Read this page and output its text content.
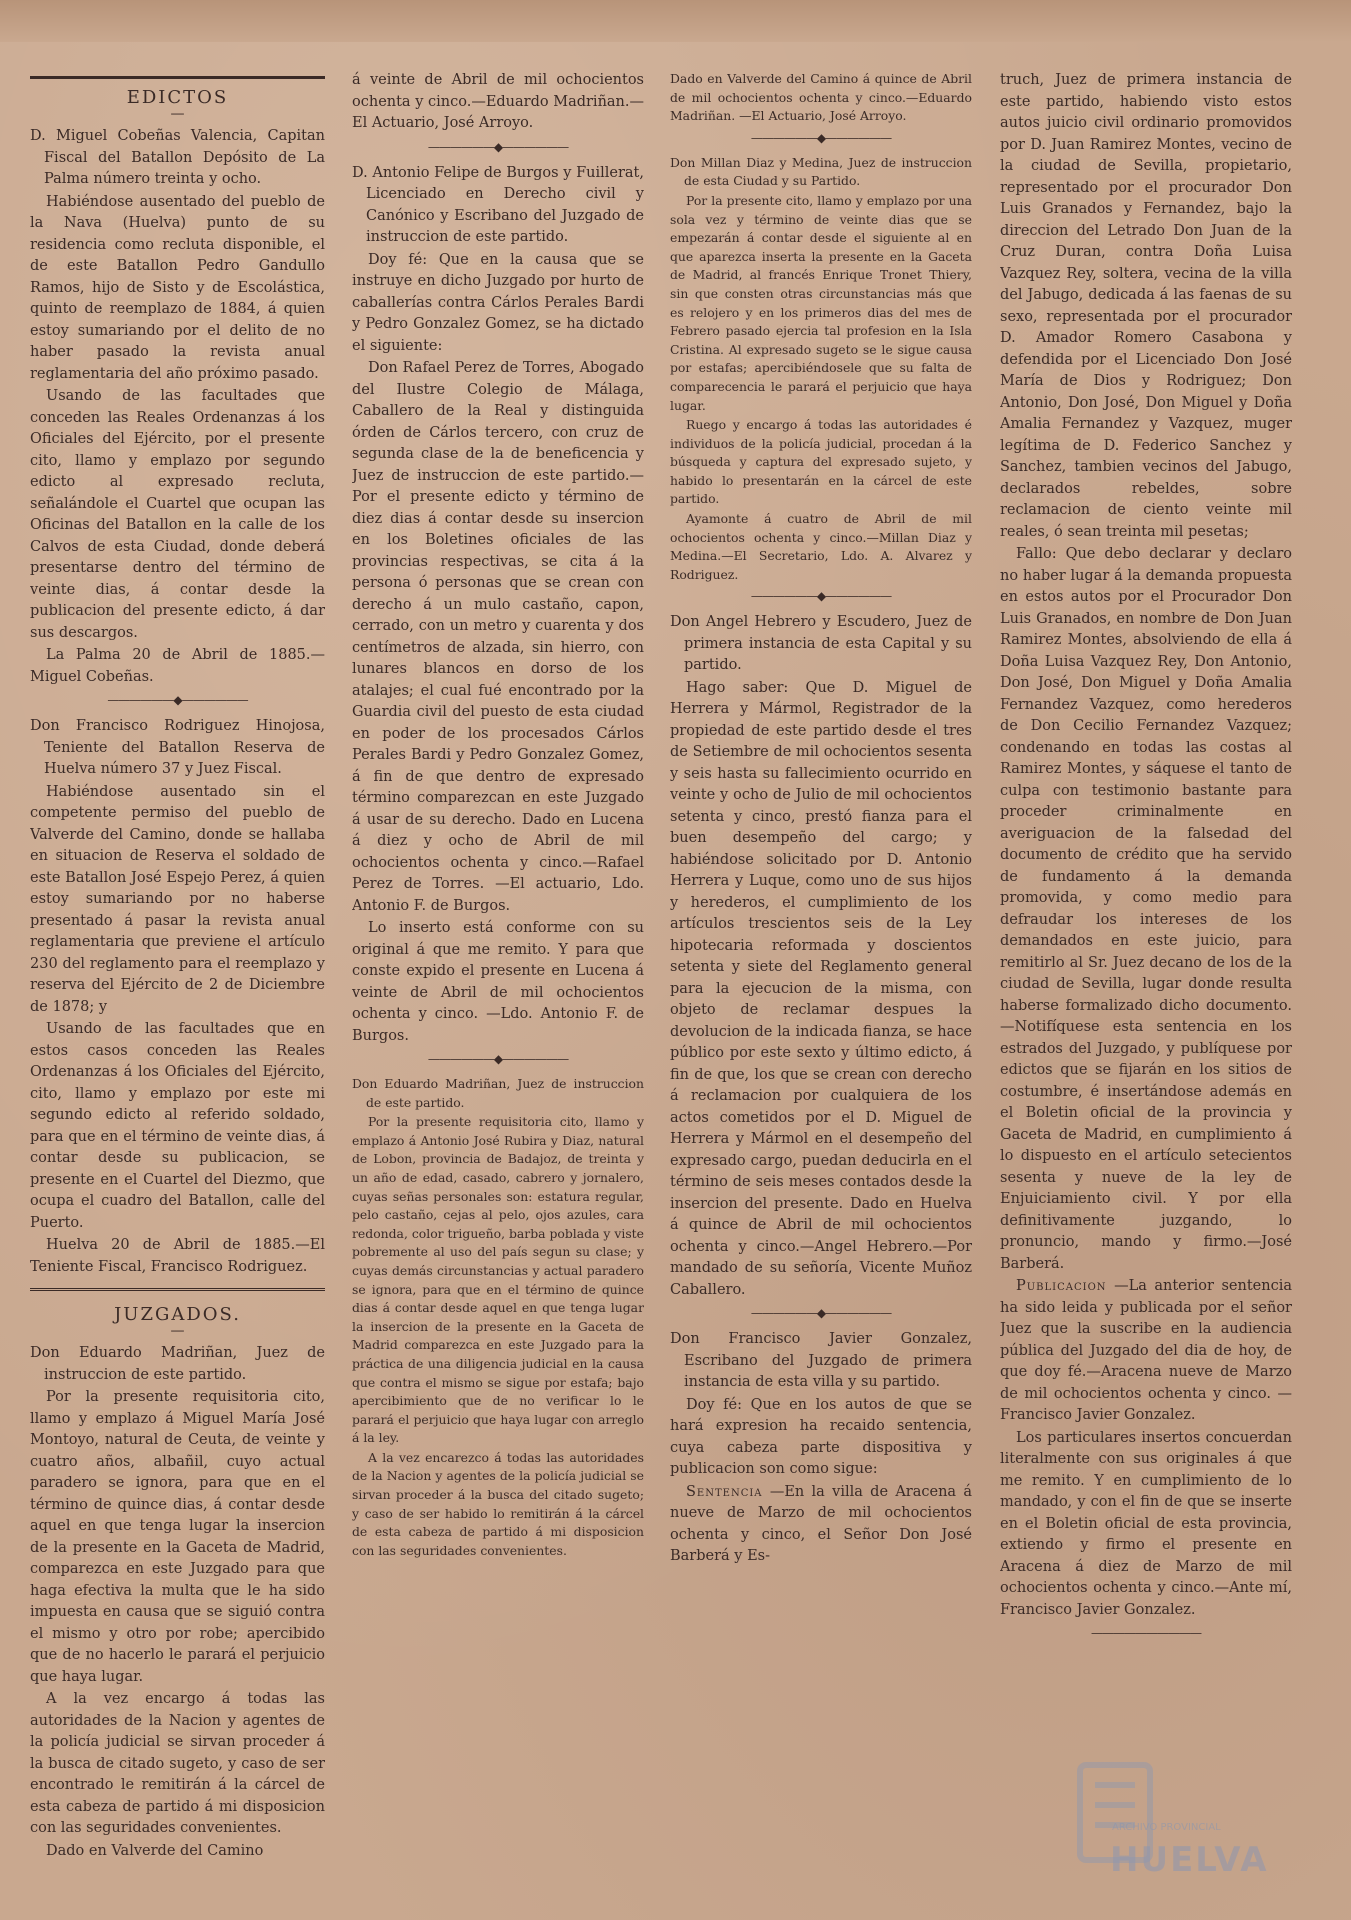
EDICTOS
—

D. Miguel Cobeñas Valencia, Capitan Fiscal del Batallon Depósito de La Palma número treinta y ocho.

Habiéndose ausentado del pueblo de la Nava (Huelva) punto de su residencia como recluta disponible, el de este Batallon Pedro Gandullo Ramos, hijo de Sisto y de Escolástica, quinto de reemplazo de 1884, á quien estoy sumariando por el delito de no haber pasado la revista anual reglamentaria del año próximo pasado.

Usando de las facultades que conceden las Reales Ordenanzas á los Oficiales del Ejército, por el presente cito, llamo y emplazo por segundo edicto al expresado recluta, señalándole el Cuartel que ocupan las Oficinas del Batallon en la calle de los Calvos de esta Ciudad, donde deberá presentarse dentro del término de veinte dias, á contar desde la publicacion del presente edicto, á dar sus descargos.

La Palma 20 de Abril de 1885.— Miguel Cobeñas.

——————◆——————

Don Francisco Rodriguez Hinojosa, Teniente del Batallon Reserva de Huelva número 37 y Juez Fiscal.

Habiéndose ausentado sin el competente permiso del pueblo de Valverde del Camino, donde se hallaba en situacion de Reserva el soldado de este Batallon José Espejo Perez, á quien estoy sumariando por no haberse presentado á pasar la revista anual reglamentaria que previene el artículo 230 del reglamento para el reemplazo y reserva del Ejército de 2 de Diciembre de 1878; y

Usando de las facultades que en estos casos conceden las Reales Ordenanzas á los Oficiales del Ejército, cito, llamo y emplazo por este mi segundo edicto al referido soldado, para que en el término de veinte dias, á contar desde su publicacion, se presente en el Cuartel del Diezmo, que ocupa el cuadro del Batallon, calle del Puerto.

Huelva 20 de Abril de 1885.—El Teniente Fiscal, Francisco Rodriguez.

JUZGADOS.
—

Don Eduardo Madriñan, Juez de instruccion de este partido.

Por la presente requisitoria cito, llamo y emplazo á Miguel María José Montoyo, natural de Ceuta, de veinte y cuatro años, albañil, cuyo actual paradero se ignora, para que en el término de quince dias, á contar desde aquel en que tenga lugar la insercion de la presente en la Gaceta de Madrid, comparezca en este Juzgado para que haga efectiva la multa que le ha sido impuesta en causa que se siguió contra el mismo y otro por robe; apercibido que de no hacerlo le parará el perjuicio que haya lugar.

A la vez encargo á todas las autoridades de la Nacion y agentes de la policía judicial se sirvan proceder á la busca de citado sugeto, y caso de ser encontrado le remitirán á la cárcel de esta cabeza de partido á mi disposicion con las seguridades convenientes.

Dado en Valverde del Camino

á veinte de Abril de mil ochocientos ochenta y cinco.—Eduardo Madriñan.—El Actuario, José Arroyo.

——————◆——————

D. Antonio Felipe de Burgos y Fuillerat, Licenciado en Derecho civil y Canónico y Escribano del Juzgado de instruccion de este partido.

Doy fé: Que en la causa que se instruye en dicho Juzgado por hurto de caballerías contra Cárlos Perales Bardi y Pedro Gonzalez Gomez, se ha dictado el siguiente:

Don Rafael Perez de Torres, Abogado del Ilustre Colegio de Málaga, Caballero de la Real y distinguida órden de Cárlos tercero, con cruz de segunda clase de la de beneficencia y Juez de instruccion de este partido.—Por el presente edicto y término de diez dias á contar desde su insercion en los Boletines oficiales de las provincias respectivas, se cita á la persona ó personas que se crean con derecho á un mulo castaño, capon, cerrado, con un metro y cuarenta y dos centímetros de alzada, sin hierro, con lunares blancos en dorso de los atalajes; el cual fué encontrado por la Guardia civil del puesto de esta ciudad en poder de los procesados Cárlos Perales Bardi y Pedro Gonzalez Gomez, á fin de que dentro de expresado término comparezcan en este Juzgado á usar de su derecho. Dado en Lucena á diez y ocho de Abril de mil ochocientos ochenta y cinco.—Rafael Perez de Torres. —El actuario, Ldo. Antonio F. de Burgos.

Lo inserto está conforme con su original á que me remito. Y para que conste expido el presente en Lucena á veinte de Abril de mil ochocientos ochenta y cinco. —Ldo. Antonio F. de Burgos.

——————◆——————

Don Eduardo Madriñan, Juez de instruccion de este partido.

Por la presente requisitoria cito, llamo y emplazo á Antonio José Rubira y Diaz, natural de Lobon, provincia de Badajoz, de treinta y un año de edad, casado, cabrero y jornalero, cuyas señas personales son: estatura regular, pelo castaño, cejas al pelo, ojos azules, cara redonda, color trigueño, barba poblada y viste pobremente al uso del país segun su clase; y cuyas demás circunstancias y actual paradero se ignora, para que en el término de quince dias á contar desde aquel en que tenga lugar la insercion de la presente en la Gaceta de Madrid comparezca en este Juzgado para la práctica de una diligencia judicial en la causa que contra el mismo se sigue por estafa; bajo apercibimiento que de no verificar lo le parará el perjuicio que haya lugar con arreglo á la ley.

A la vez encarezco á todas las autoridades de la Nacion y agentes de la policía judicial se sirvan proceder á la busca del citado sugeto; y caso de ser habido lo remitirán á la cárcel de esta cabeza de partido á mi disposicion con las seguridades convenientes.

Dado en Valverde del Camino á quince de Abril de mil ochocientos ochenta y cinco.—Eduardo Madriñan. —El Actuario, José Arroyo.

——————◆——————

Don Millan Diaz y Medina, Juez de instruccion de esta Ciudad y su Partido.

Por la presente cito, llamo y emplazo por una sola vez y término de veinte dias que se empezarán á contar desde el siguiente al en que aparezca inserta la presente en la Gaceta de Madrid, al francés Enrique Tronet Thiery, sin que consten otras circunstancias más que es relojero y en los primeros dias del mes de Febrero pasado ejercia tal profesion en la Isla Cristina. Al expresado sugeto se le sigue causa por estafas; apercibiéndosele que su falta de comparecencia le parará el perjuicio que haya lugar.

Ruego y encargo á todas las autoridades é individuos de la policía judicial, procedan á la búsqueda y captura del expresado sujeto, y habido lo presentarán en la cárcel de este partido.

Ayamonte á cuatro de Abril de mil ochocientos ochenta y cinco.—Millan Diaz y Medina.—El Secretario, Ldo. A. Alvarez y Rodriguez.

——————◆——————

Don Angel Hebrero y Escudero, Juez de primera instancia de esta Capital y su partido.

Hago saber: Que D. Miguel de Herrera y Mármol, Registrador de la propiedad de este partido desde el tres de Setiembre de mil ochocientos sesenta y seis hasta su fallecimiento ocurrido en veinte y ocho de Julio de mil ochocientos setenta y cinco, prestó fianza para el buen desempeño del cargo; y habiéndose solicitado por D. Antonio Herrera y Luque, como uno de sus hijos y herederos, el cumplimiento de los artículos trescientos seis de la Ley hipotecaria reformada y doscientos setenta y siete del Reglamento general para la ejecucion de la misma, con objeto de reclamar despues la devolucion de la indicada fianza, se hace público por este sexto y último edicto, á fin de que, los que se crean con derecho á reclamacion por cualquiera de los actos cometidos por el D. Miguel de Herrera y Mármol en el desempeño del expresado cargo, puedan deducirla en el término de seis meses contados desde la insercion del presente. Dado en Huelva á quince de Abril de mil ochocientos ochenta y cinco.—Angel Hebrero.—Por mandado de su señoría, Vicente Muñoz Caballero.

——————◆——————

Don Francisco Javier Gonzalez, Escribano del Juzgado de primera instancia de esta villa y su partido.

Doy fé: Que en los autos de que se hará expresion ha recaido sentencia, cuya cabeza parte dispositiva y publicacion son como sigue:

Sentencia —En la villa de Aracena á nueve de Marzo de mil ochocientos ochenta y cinco, el Señor Don José Barberá y Es-

truch, Juez de primera instancia de este partido, habiendo visto estos autos juicio civil ordinario promovidos por D. Juan Ramirez Montes, vecino de la ciudad de Sevilla, propietario, representado por el procurador Don Luis Granados y Fernandez, bajo la direccion del Letrado Don Juan de la Cruz Duran, contra Doña Luisa Vazquez Rey, soltera, vecina de la villa del Jabugo, dedicada á las faenas de su sexo, representada por el procurador D. Amador Romero Casabona y defendida por el Licenciado Don José María de Dios y Rodriguez; Don Antonio, Don José, Don Miguel y Doña Amalia Fernandez y Vazquez, muger legítima de D. Federico Sanchez y Sanchez, tambien vecinos del Jabugo, declarados rebeldes, sobre reclamacion de ciento veinte mil reales, ó sean treinta mil pesetas;

Fallo: Que debo declarar y declaro no haber lugar á la demanda propuesta en estos autos por el Procurador Don Luis Granados, en nombre de Don Juan Ramirez Montes, absolviendo de ella á Doña Luisa Vazquez Rey, Don Antonio, Don José, Don Miguel y Doña Amalia Fernandez Vazquez, como herederos de Don Cecilio Fernandez Vazquez; condenando en todas las costas al Ramirez Montes, y sáquese el tanto de culpa con testimonio bastante para proceder criminalmente en averiguacion de la falsedad del documento de crédito que ha servido de fundamento á la demanda promovida, y como medio para defraudar los intereses de los demandados en este juicio, para remitirlo al Sr. Juez decano de los de la ciudad de Sevilla, lugar donde resulta haberse formalizado dicho documento.—Notifíquese esta sentencia en los estrados del Juzgado, y publíquese por edictos que se fijarán en los sitios de costumbre, é insertándose además en el Boletin oficial de la provincia y Gaceta de Madrid, en cumplimiento á lo dispuesto en el artículo setecientos sesenta y nueve de la ley de Enjuiciamiento civil. Y por ella definitivamente juzgando, lo pronuncio, mando y firmo.—José Barberá.

Publicacion —La anterior sentencia ha sido leida y publicada por el señor Juez que la suscribe en la audiencia pública del Juzgado del dia de hoy, de que doy fé.—Aracena nueve de Marzo de mil ochocientos ochenta y cinco. —Francisco Javier Gonzalez.

Los particulares insertos concuerdan literalmente con sus originales á que me remito. Y en cumplimiento de lo mandado, y con el fin de que se inserte en el Boletin oficial de esta provincia, extiendo y firmo el presente en Aracena á diez de Marzo de mil ochocientos ochenta y cinco.—Ante mí, Francisco Javier Gonzalez.

——————————
ARCHIVO PROVINCIAL
HUELVA
